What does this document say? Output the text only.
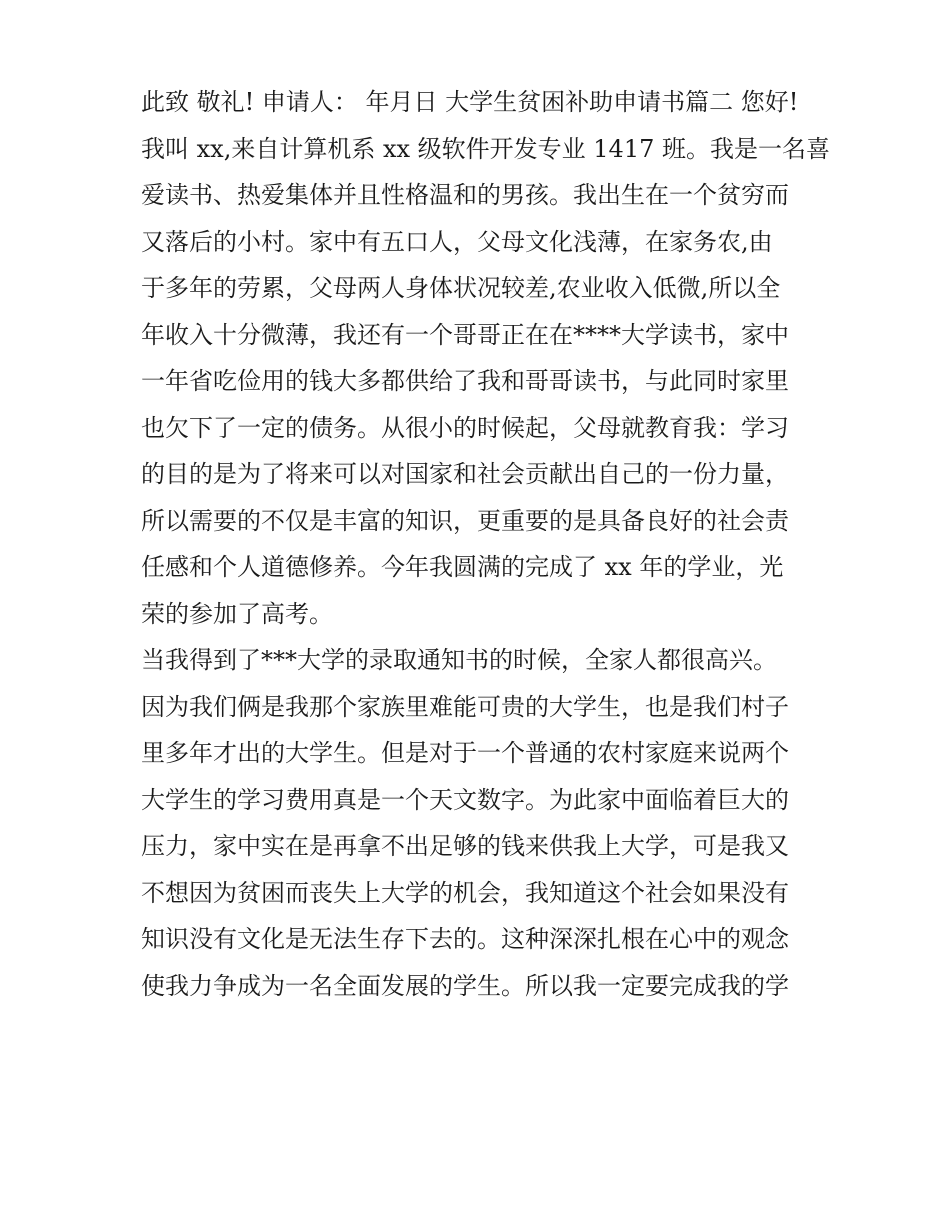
此致 敬礼! 申请人： 年月日 大学生贫困补助申请书篇二 您好!
我叫 xx,来自计算机系 xx 级软件开发专业 1417 班。我是一名喜
爱读书、热爱集体并且性格温和的男孩。我出生在一个贫穷而
又落后的小村。家中有五口人，父母文化浅薄，在家务农,由
于多年的劳累，父母两人身体状况较差,农业收入低微,所以全
年收入十分微薄，我还有一个哥哥正在在****大学读书，家中
一年省吃俭用的钱大多都供给了我和哥哥读书，与此同时家里
也欠下了一定的债务。从很小的时候起，父母就教育我：学习
的目的是为了将来可以对国家和社会贡献出自己的一份力量，
所以需要的不仅是丰富的知识，更重要的是具备良好的社会责
任感和个人道德修养。今年我圆满的完成了 xx 年的学业，光
荣的参加了高考。
当我得到了***大学的录取通知书的时候，全家人都很高兴。
因为我们俩是我那个家族里难能可贵的大学生，也是我们村子
里多年才出的大学生。但是对于一个普通的农村家庭来说两个
大学生的学习费用真是一个天文数字。为此家中面临着巨大的
压力，家中实在是再拿不出足够的钱来供我上大学，可是我又
不想因为贫困而丧失上大学的机会，我知道这个社会如果没有
知识没有文化是无法生存下去的。这种深深扎根在心中的观念
使我力争成为一名全面发展的学生。所以我一定要完成我的学
